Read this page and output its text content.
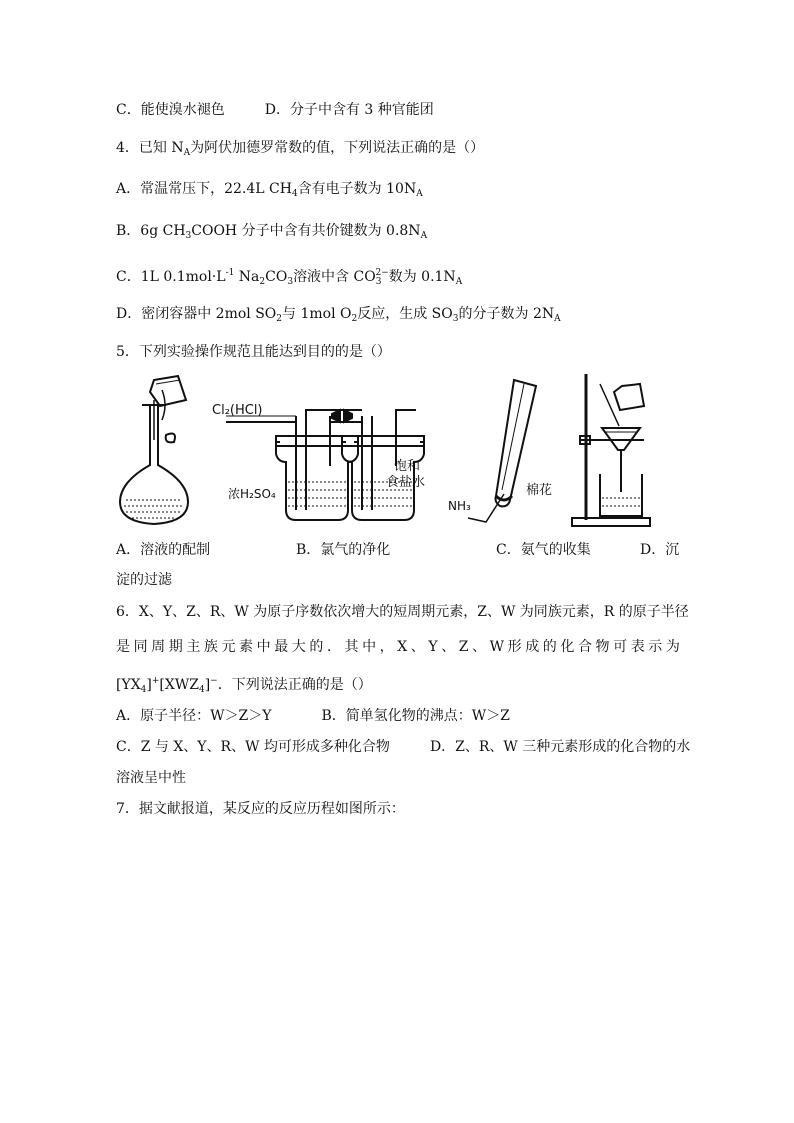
C．能使溴水褪色	D．分子中含有 3 种官能团
4．已知 $N_A$为阿伏加德罗常数的值，下列说法正确的是（）
A．常温常压下，22.4L $CH_4$含有电子数为 $10N_A$
B．6g $CH_3COOH$ 分子中含有共价键数为 $0.8N_A$
C．1L $0.1mol\cdot L^{-1}$ $Na_2CO_3$溶液中含 $CO_3^{2-}$数为 $0.1N_A$
D．密闭容器中 2mol $SO_2$与 1mol $O_2$反应，生成 $SO_3$的分子数为 $2N_A$
5．下列实验操作规范且能达到目的的是（）
Cl₂(HCl)
浓H₂SO₄
饱和
食盐水
NH₃
棉花
A．溶液的配制	B．氯气的净化	C．氨气的收集	D．沉
淀的过滤
6．X、Y、Z、R、W 为原子序数依次增大的短周期元素，Z、W 为同族元素，R 的原子半径
是 同 周 期 主 族 元 素 中 最 大 的 ． 其 中 ， X 、 Y 、 Z 、 W 形 成 的 化 合 物 可 表 示 为
$[YX_4]^+[XWZ_4]^-$．下列说法正确的是（）
A．原子半径：W＞Z＞Y	B．简单氢化物的沸点：W＞Z
C．Z 与 X、Y、R、W 均可形成多种化合物	D．Z、R、W 三种元素形成的化合物的水
溶液呈中性
7．据文献报道，某反应的反应历程如图所示：
